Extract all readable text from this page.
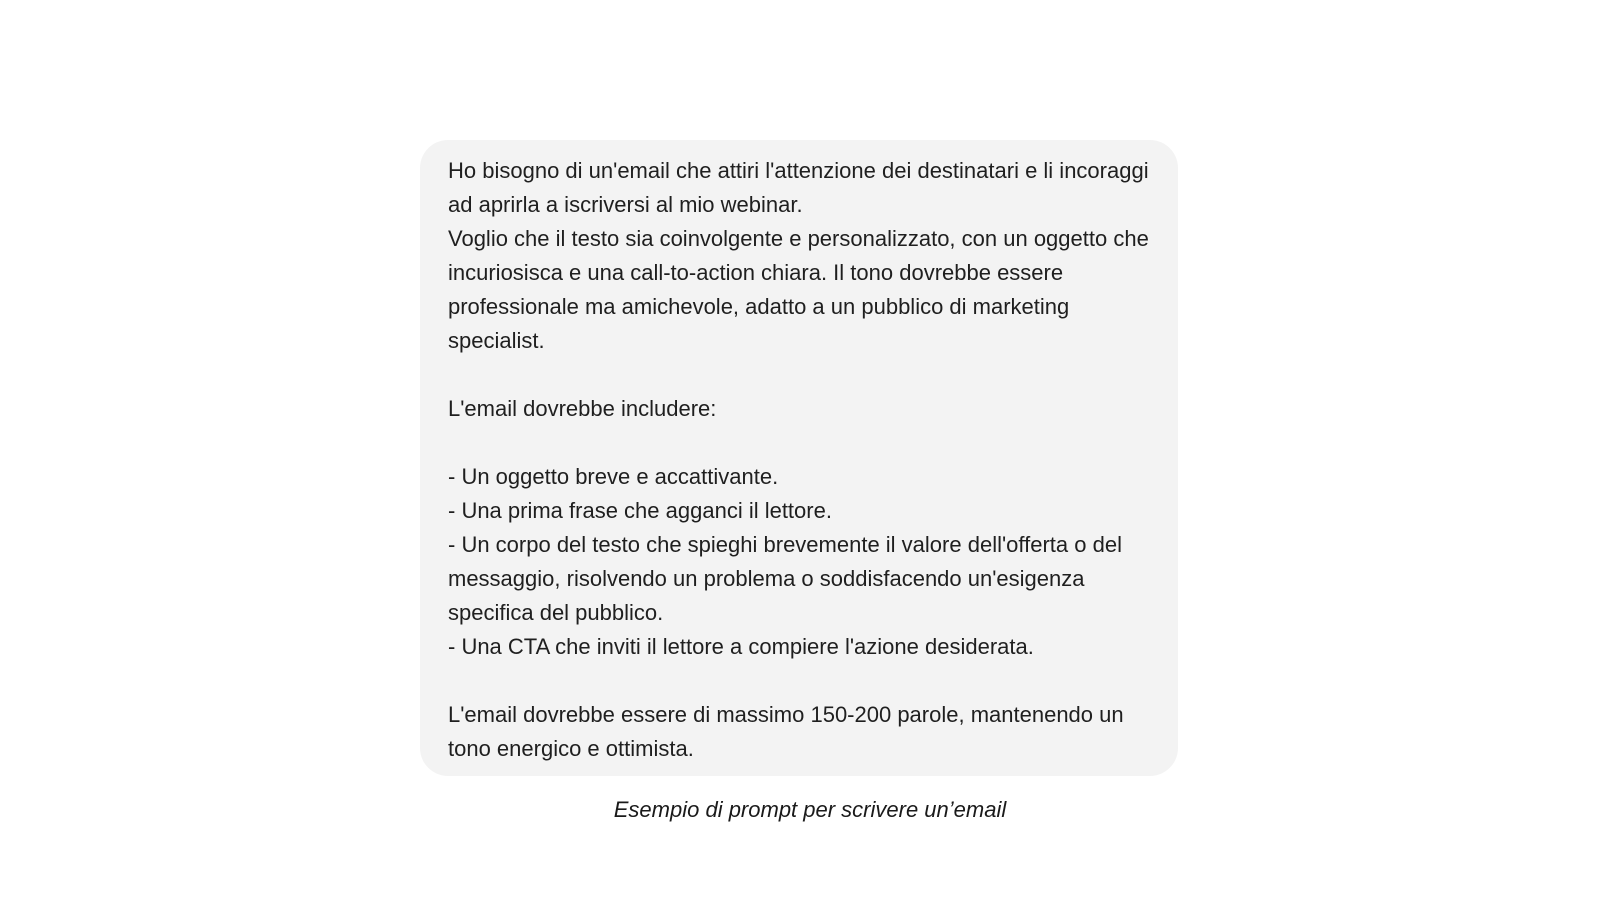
Ho bisogno di un'email che attiri l'attenzione dei destinatari e li incoraggi ad aprirla a iscriversi al mio webinar.

Voglio che il testo sia coinvolgente e personalizzato, con un oggetto che incuriosisca e una call-to-action chiara. Il tono dovrebbe essere professionale ma amichevole, adatto a un pubblico di marketing specialist.

L'email dovrebbe includere:

- Un oggetto breve e accattivante.

- Una prima frase che agganci il lettore.

- Un corpo del testo che spieghi brevemente il valore dell'offerta o del messaggio, risolvendo un problema o soddisfacendo un'esigenza specifica del pubblico.

- Una CTA che inviti il lettore a compiere l'azione desiderata.

L'email dovrebbe essere di massimo 150-200 parole, mantenendo un tono energico e ottimista.

Esempio di prompt per scrivere un’email
